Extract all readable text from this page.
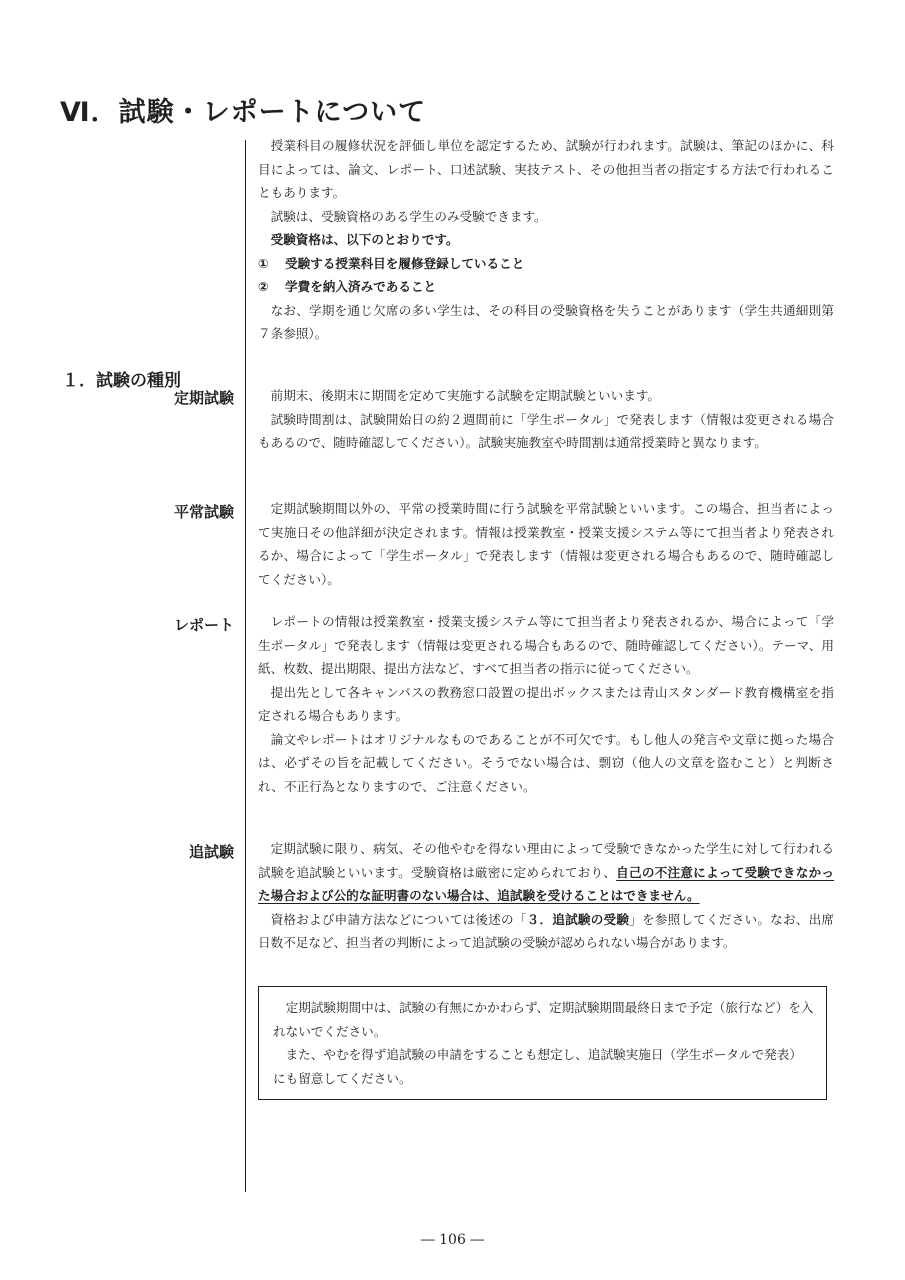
Ⅵ．試験・レポートについて

授業科目の履修状況を評価し単位を認定するため、試験が行われます。試験は、筆記のほかに、科目によっては、論文、レポート、口述試験、実技テスト、その他担当者の指定する方法で行われることもあります。

試験は、受験資格のある学生のみ受験できます。

受験資格は、以下のとおりです。

① 受験する授業科目を履修登録していること
② 学費を納入済みであること

なお、学期を通じ欠席の多い学生は、その科目の受験資格を失うことがあります（学生共通細則第７条参照）。

１．試験の種別
定期試験	前期末、後期末に期間を定めて実施する試験を定期試験といいます。

試験時間割は、試験開始日の約２週間前に「学生ポータル」で発表します（情報は変更される場合もあるので、随時確認してください）。試験実施教室や時間割は通常授業時と異なります。

平常試験	定期試験期間以外の、平常の授業時間に行う試験を平常試験といいます。この場合、担当者によって実施日その他詳細が決定されます。情報は授業教室・授業支援システム等にて担当者より発表されるか、場合によって「学生ポータル」で発表します（情報は変更される場合もあるので、随時確認してください）。

レポート	レポートの情報は授業教室・授業支援システム等にて担当者より発表されるか、場合によって「学生ポータル」で発表します（情報は変更される場合もあるので、随時確認してください）。テーマ、用紙、枚数、提出期限、提出方法など、すべて担当者の指示に従ってください。

提出先として各キャンパスの教務窓口設置の提出ボックスまたは青山スタンダード教育機構室を指定される場合もあります。

論文やレポートはオリジナルなものであることが不可欠です。もし他人の発言や文章に拠った場合は、必ずその旨を記載してください。そうでない場合は、剽窃（他人の文章を盗むこと）と判断され、不正行為となりますので、ご注意ください。

追試験	定期試験に限り、病気、その他やむを得ない理由によって受験できなかった学生に対して行われる試験を追試験といいます。受験資格は厳密に定められており、自己の不注意によって受験できなかった場合および公的な証明書のない場合は、追試験を受けることはできません。

資格および申請方法などについては後述の「３．追試験の受験」を参照してください。なお、出席日数不足など、担当者の判断によって追試験の受験が認められない場合があります。

定期試験期間中は、試験の有無にかかわらず、定期試験期間最終日まで予定（旅行など）を入れないでください。

また、やむを得ず追試験の申請をすることも想定し、追試験実施日（学生ポータルで発表）にも留意してください。

― 106 ―
